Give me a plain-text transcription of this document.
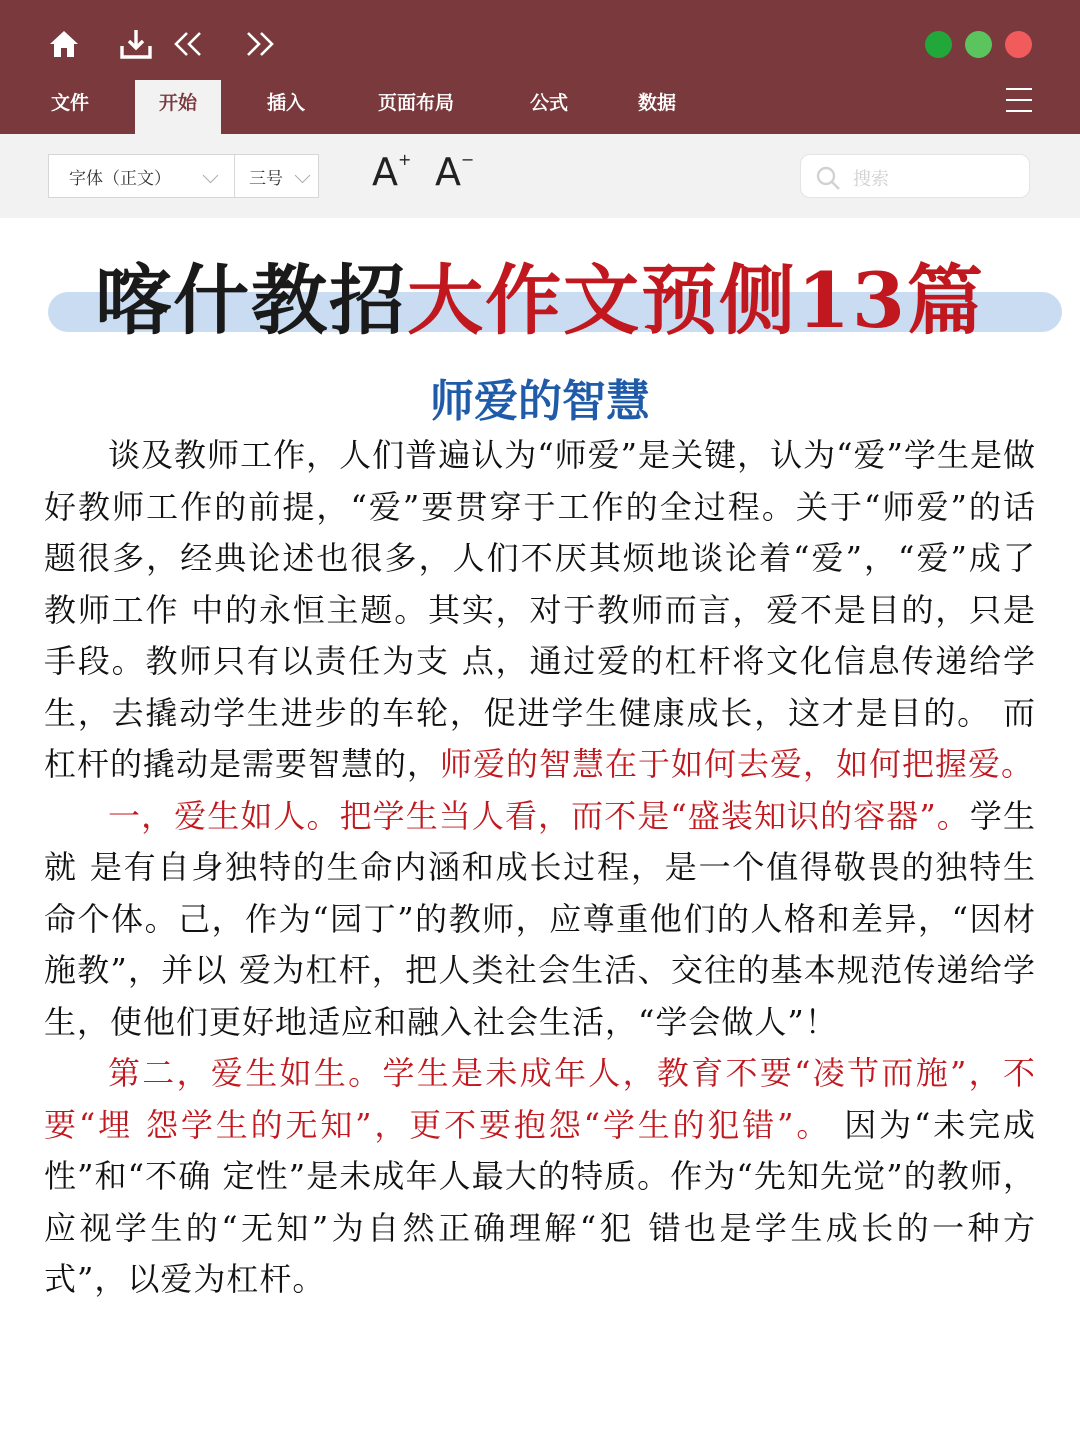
文件	开始	插入	页面布局	公式	数据
字体（正文）	三号 A+ A−
搜索
喀什教招大作文预侧13篇
师爱的智慧

谈及教师工作，人们普遍认为“师爱”是关键，认为“爱”学生是做 好教师工作的前提，“爱”要贯穿于工作的全过程。关于“师爱”的话题很多，经典论述也很多，人们不厌其烦地谈论着“爱”，“爱”成了教师工作 中的永恒主题。其实，对于教师而言，爱不是目的，只是手段。教师只有以责任为支 点，通过爱的杠杆将文化信息传递给学生，去撬动学生进步的车轮，促进学生健康成长，这才是目的。 而杠杆的撬动是需要智慧的，师爱的智慧在于如何去爱，如何把握爱。

一，爱生如人。把学生当人看，而不是“盛装知识的容器”。学生就 是有自身独特的生命内涵和成长过程，是一个值得敬畏的独特生 命个体。己，作为“园丁”的教师，应尊重他们的人格和差异，“因材施教”，并以 爱为杠杆，把人类社会生活、交往的基本规范传递给学生，使他们更好地适应和融入社会生活，“学会做人”！

第二，爱生如生。学生是未成年人，教育不要“凌节而施”，不要“埋 怨学生的无知”，更不要抱怨“学生的犯错”。 因为“未完成性”和“不确 定性”是未成年人最大的特质。作为“先知先觉”的教师，应视学生的“无知”为自然正确理解“犯 错也是学生成长的一种方式”，以爱为杠杆。
